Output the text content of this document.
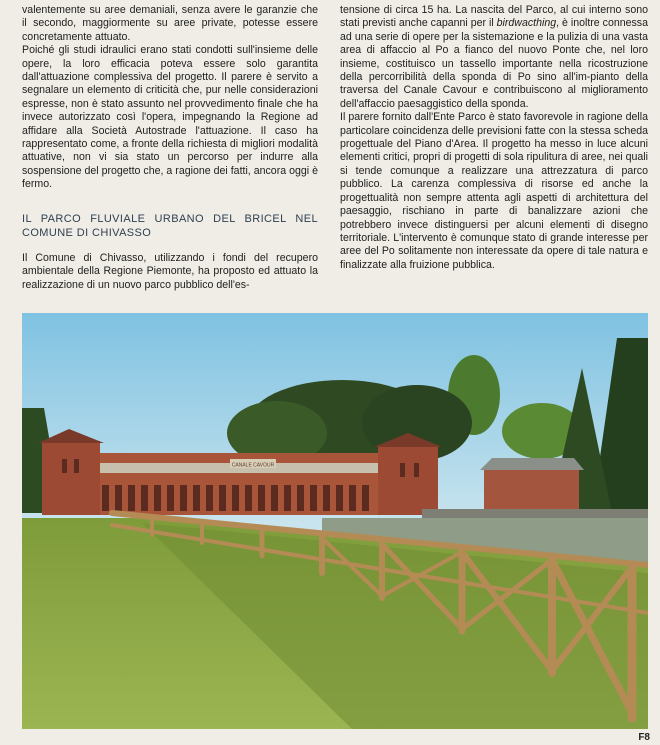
valentemente su aree demaniali, senza avere le garanzie che il secondo, maggiormente su aree private, potesse essere concretamente attuato.

Poiché gli studi idraulici erano stati condotti sull'insieme delle opere, la loro efficacia poteva essere solo garantita dall'attuazione complessiva del progetto. Il parere è servito a segnalare un elemento di criticità che, pur nelle considerazioni espresse, non è stato assunto nel provvedimento finale che ha invece autorizzato così l'opera, impegnando la Regione ad affidare alla Società Autostrade l'attuazione. Il caso ha rappresentato come, a fronte della richiesta di migliori modalità attuative, non vi sia stato un percorso per indurre alla sospensione del progetto che, a ragione dei fatti, ancora oggi è fermo.

IL PARCO FLUVIALE URBANO DEL BRICEL NEL COMUNE DI CHIVASSO

Il Comune di Chivasso, utilizzando i fondi del recupero ambientale della Regione Piemonte, ha proposto ed attuato la realizzazione di un nuovo parco pubblico dell'es-

tensione di circa 15 ha. La nascita del Parco, al cui interno sono stati previsti anche capanni per il birdwacthing, è inoltre connessa ad una serie di opere per la sistemazione e la pulizia di una vasta area di affaccio al Po a fianco del nuovo Ponte che, nel loro insieme, costituisco un tassello importante nella ricostruzione della percorribilità della sponda di Po sino all'im-pianto della traversa del Canale Cavour e contribuiscono al miglioramento dell'affaccio paesaggistico della sponda.

Il parere fornito dall'Ente Parco è stato favorevole in ragione della particolare coincidenza delle previsioni fatte con la stessa scheda progettuale del Piano d'Area. Il progetto ha messo in luce alcuni elementi critici, propri di progetti di sola ripulitura di aree, nei quali si tende comunque a realizzare una attrezzatura di parco pubblico. La carenza complessiva di risorse ed anche la progettualità non sempre attenta agli aspetti di architettura del paesaggio, rischiano in parte di banalizzare azioni che potrebbero invece distinguersi per alcuni elementi di disegno territoriale. L'intervento è comunque stato di grande interesse per aree del Po solitamente non interessate da opere di tale natura e finalizzate alla fruizione pubblica.

CANALE CAVOUR
F8
